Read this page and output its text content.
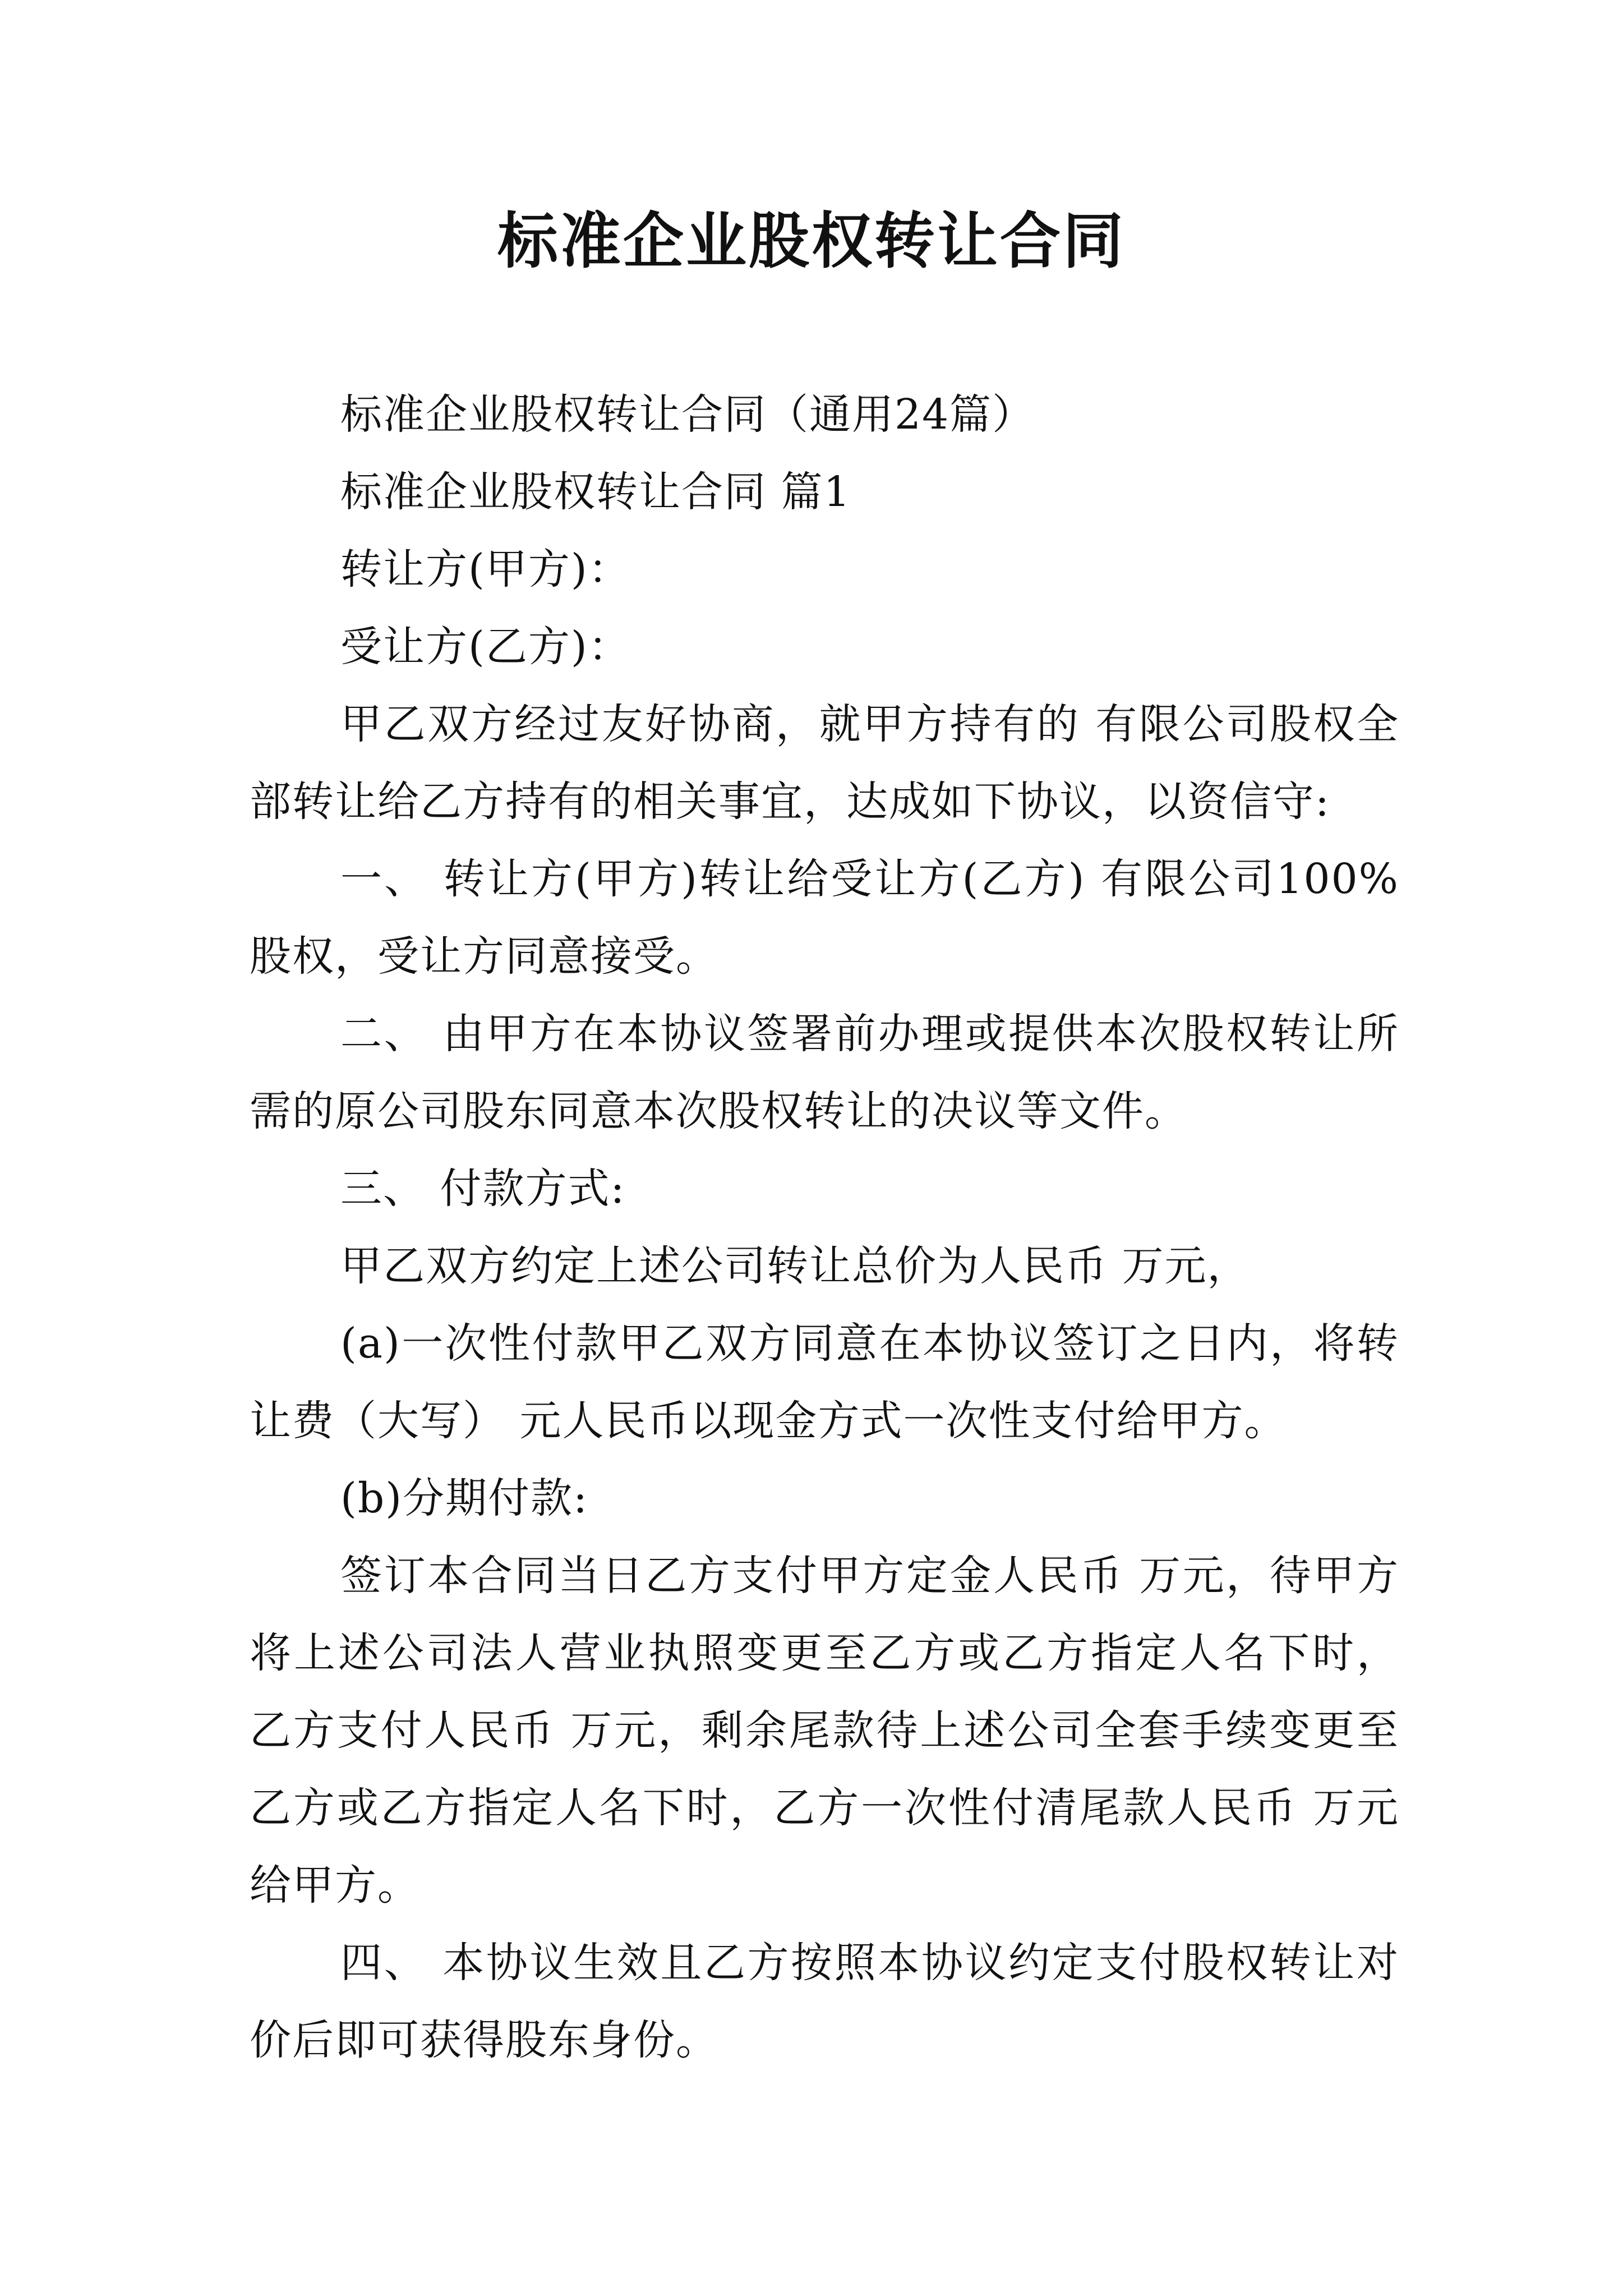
标准企业股权转让合同

标准企业股权转让合同（通用24篇）

标准企业股权转让合同 篇1

转让方(甲方)：

受让方(乙方)：

甲乙双方经过友好协商，就甲方持有的 有限公司股权全部转让给乙方持有的相关事宜，达成如下协议，以资信守:

一、 转让方(甲方)转让给受让方(乙方) 有限公司100%股权，受让方同意接受。

二、 由甲方在本协议签署前办理或提供本次股权转让所需的原公司股东同意本次股权转让的决议等文件。

三、 付款方式:

甲乙双方约定上述公司转让总价为人民币 万元，

(a)一次性付款甲乙双方同意在本协议签订之日内，将转让费（大写） 元人民币以现金方式一次性支付给甲方。

(b)分期付款:

签订本合同当日乙方支付甲方定金人民币 万元，待甲方将上述公司法人营业执照变更至乙方或乙方指定人名下时，乙方支付人民币 万元，剩余尾款待上述公司全套手续变更至乙方或乙方指定人名下时，乙方一次性付清尾款人民币 万元给甲方。

四、 本协议生效且乙方按照本协议约定支付股权转让对价后即可获得股东身份。
